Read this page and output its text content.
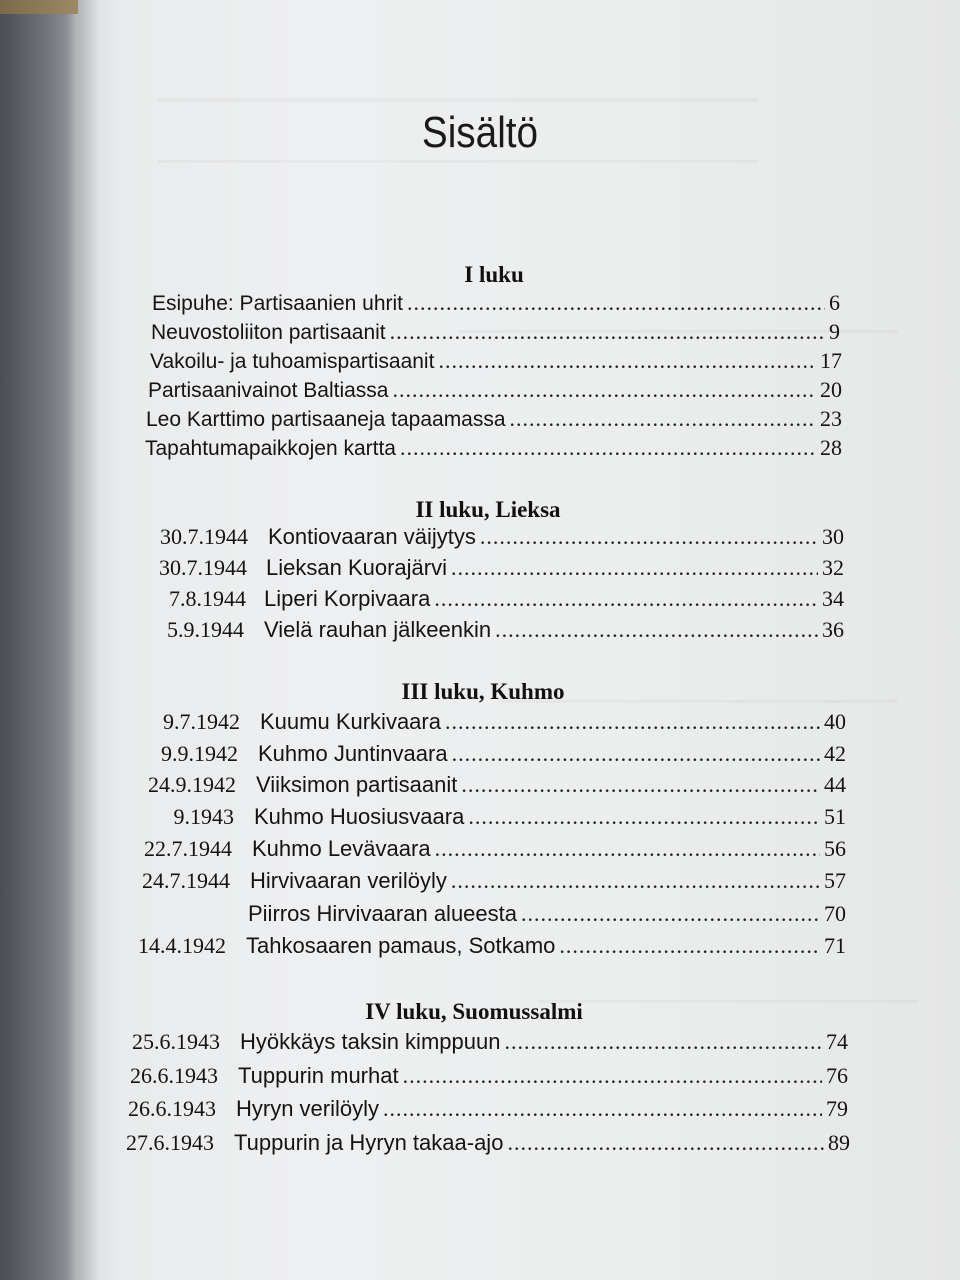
Sisältö
I luku
Esipuhe: Partisaanien uhrit .....	6
Neuvostoliiton partisaanit .....	9
Vakoilu- ja tuhoamispartisaanit .....	17
Partisaanivainot Baltiassa .....	20
Leo Karttimo partisaaneja tapaamassa .....	23
Tapahtumapaikkojen kartta .....	28
II luku, Lieksa
30.7.1944 Kontiovaaran väijytys .....	30
30.7.1944 Lieksan Kuorajärvi .....	32
7.8.1944 Liperi Korpivaara .....	34
5.9.1944 Vielä rauhan jälkeenkin .....	36
III luku, Kuhmo
9.7.1942 Kuumu Kurkivaara .....	40
9.9.1942 Kuhmo Juntinvaara .....	42
24.9.1942 Viiksimon partisaanit .....	44
9.1943 Kuhmo Huosiusvaara .....	51
22.7.1944 Kuhmo Levävaara .....	56
24.7.1944 Hirvivaaran verilöyly .....	57
Piirros Hirvivaaran alueesta .....	70
14.4.1942 Tahkosaaren pamaus, Sotkamo .....	71
IV luku, Suomussalmi
25.6.1943 Hyökkäys taksin kimppuun .....	74
26.6.1943 Tuppurin murhat .....	76
26.6.1943 Hyryn verilöyly .....	79
27.6.1943 Tuppurin ja Hyryn takaa-ajo .....	89
